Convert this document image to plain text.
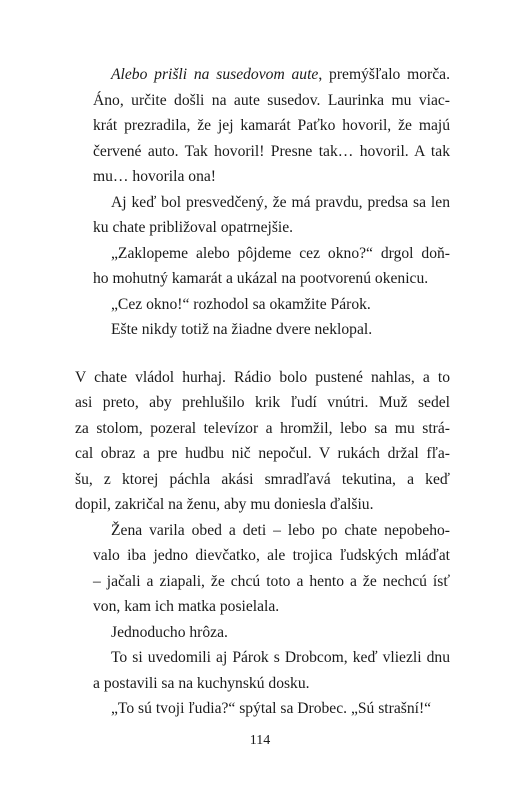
Alebo prišli na susedovom aute, premýšľalo morča.
Áno, určite došli na aute susedov. Laurinka mu viac-
krát prezradila, že jej kamarát Paťko hovoril, že majú
červené auto. Tak hovoril! Presne tak… hovoril. A tak
mu… hovorila ona!
Aj keď bol presvedčený, že má pravdu, predsa sa len
ku chate približoval opatrnejšie.
„Zaklopeme alebo pôjdeme cez okno?“ drgol doň-
ho mohutný kamarát a ukázal na pootvorenú okenicu.
„Cez okno!“ rozhodol sa okamžite Párok.
Ešte nikdy totiž na žiadne dvere neklopal.
V chate vládol hurhaj. Rádio bolo pustené nahlas, a to
asi preto, aby prehlušilo krik ľudí vnútri. Muž sedel
za stolom, pozeral televízor a hromžil, lebo sa mu strá-
cal obraz a pre hudbu nič nepočul. V rukách držal fľa-
šu, z ktorej páchla akási smradľavá tekutina, a keď
dopil, zakričal na ženu, aby mu doniesla ďalšiu.
Žena varila obed a deti – lebo po chate nepobeho-
valo iba jedno dievčatko, ale trojica ľudských mláďat
– jačali a ziapali, že chcú toto a hento a že nechcú ísť
von, kam ich matka posielala.
Jednoducho hrôza.
To si uvedomili aj Párok s Drobcom, keď vliezli dnu
a postavili sa na kuchynskú dosku.
„To sú tvoji ľudia?“ spýtal sa Drobec. „Sú strašní!“
114
